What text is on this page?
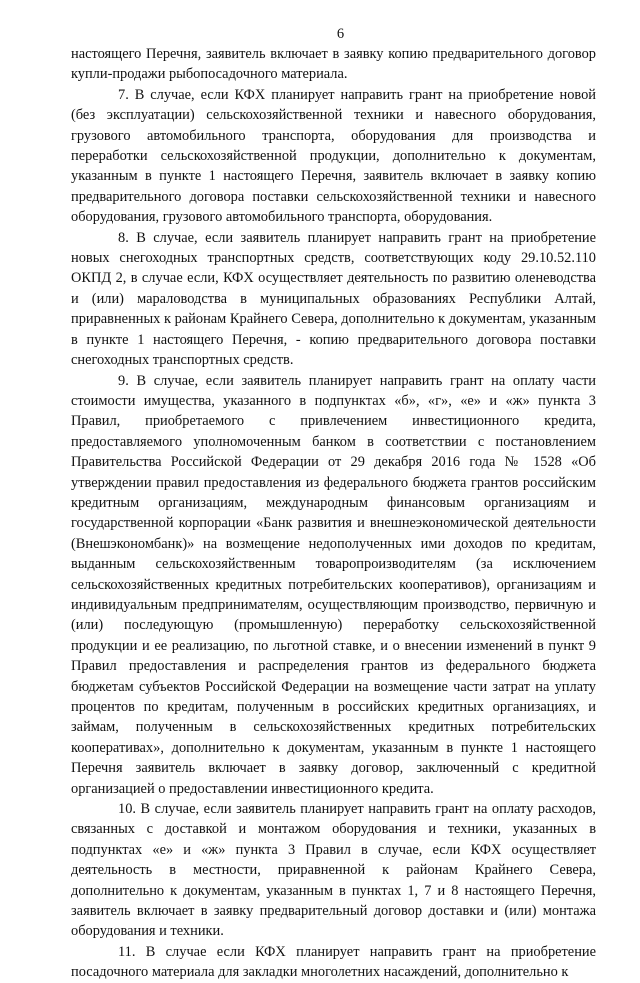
6

настоящего Перечня, заявитель включает в заявку копию предварительного договор купли-продажи рыбопосадочного материала.

7. В случае, если КФХ планирует направить грант на приобретение новой (без эксплуатации) сельскохозяйственной техники и навесного оборудования, грузового автомобильного транспорта, оборудования для производства и переработки сельскохозяйственной продукции, дополнительно к документам, указанным в пункте 1 настоящего Перечня, заявитель включает в заявку копию предварительного договора поставки сельскохозяйственной техники и навесного оборудования, грузового автомобильного транспорта, оборудования.

8. В случае, если заявитель планирует направить грант на приобретение новых снегоходных транспортных средств, соответствующих коду 29.10.52.110 ОКПД 2, в случае если, КФХ осуществляет деятельность по развитию оленеводства и (или) мараловодства в муниципальных образованиях Республики Алтай, приравненных к районам Крайнего Севера, дополнительно к документам, указанным в пункте 1 настоящего Перечня, - копию предварительного договора поставки снегоходных транспортных средств.

9. В случае, если заявитель планирует направить грант на оплату части стоимости имущества, указанного в подпунктах «б», «г», «е» и «ж» пункта 3 Правил, приобретаемого с привлечением инвестиционного кредита, предоставляемого уполномоченным банком в соответствии с постановлением Правительства Российской Федерации от 29 декабря 2016 года № 1528 «Об утверждении правил предоставления из федерального бюджета грантов российским кредитным организациям, международным финансовым организациям и государственной корпорации «Банк развития и внешнеэкономической деятельности (Внешэкономбанк)» на возмещение недополученных ими доходов по кредитам, выданным сельскохозяйственным товаропроизводителям (за исключением сельскохозяйственных кредитных потребительских кооперативов), организациям и индивидуальным предпринимателям, осуществляющим производство, первичную и (или) последующую (промышленную) переработку сельскохозяйственной продукции и ее реализацию, по льготной ставке, и о внесении изменений в пункт 9 Правил предоставления и распределения грантов из федерального бюджета бюджетам субъектов Российской Федерации на возмещение части затрат на уплату процентов по кредитам, полученным в российских кредитных организациях, и займам, полученным в сельскохозяйственных кредитных потребительских кооперативах», дополнительно к документам, указанным в пункте 1 настоящего Перечня заявитель включает в заявку договор, заключенный с кредитной организацией о предоставлении инвестиционного кредита.

10. В случае, если заявитель планирует направить грант на оплату расходов, связанных с доставкой и монтажом оборудования и техники, указанных в подпунктах «е» и «ж» пункта 3 Правил в случае, если КФХ осуществляет деятельность в местности, приравненной к районам Крайнего Севера, дополнительно к документам, указанным в пунктах 1, 7 и 8 настоящего Перечня, заявитель включает в заявку предварительный договор доставки и (или) монтажа оборудования и техники.

11. В случае если КФХ планирует направить грант на приобретение посадочного материала для закладки многолетних насаждений, дополнительно к
